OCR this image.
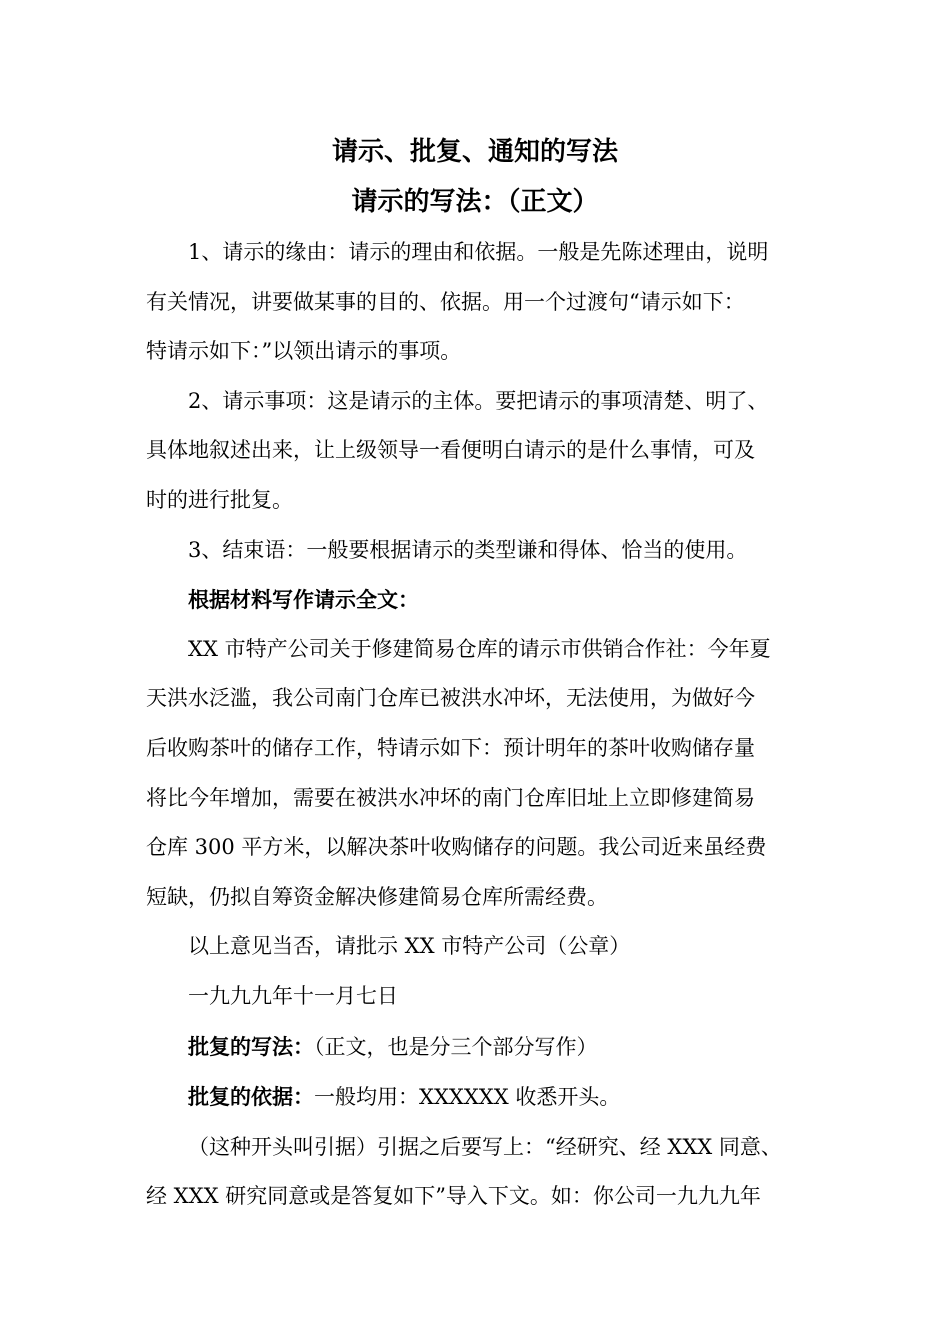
请示、批复、通知的写法
请示的写法：（正文）

1、请示的缘由：请示的理由和依据。一般是先陈述理由，说明
有关情况，讲要做某事的目的、依据。用一个过渡句“请示如下：
特请示如下：”以领出请示的事项。

2、请示事项：这是请示的主体。要把请示的事项清楚、明了、
具体地叙述出来，让上级领导一看便明白请示的是什么事情，可及
时的进行批复。

3、结束语：一般要根据请示的类型谦和得体、恰当的使用。

根据材料写作请示全文：

XX 市特产公司关于修建简易仓库的请示市供销合作社：今年夏
天洪水泛滥，我公司南门仓库已被洪水冲坏，无法使用，为做好今
后收购茶叶的储存工作，特请示如下：预计明年的茶叶收购储存量
将比今年增加，需要在被洪水冲坏的南门仓库旧址上立即修建简易
仓库 300 平方米，以解决茶叶收购储存的问题。我公司近来虽经费
短缺，仍拟自筹资金解决修建简易仓库所需经费。

以上意见当否，请批示 XX 市特产公司（公章）

一九九九年十一月七日

批复的写法：（正文，也是分三个部分写作）

批复的依据：一般均用：XXXXXX 收悉开头。

（这种开头叫引据）引据之后要写上：“经研究、经 XXX 同意、
经 XXX 研究同意或是答复如下”导入下文。如：你公司一九九九年
